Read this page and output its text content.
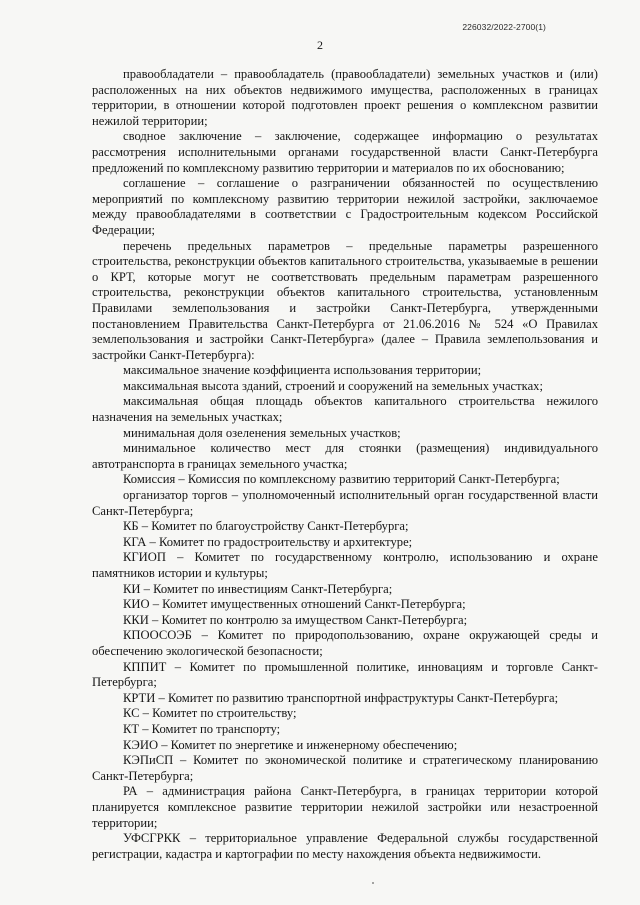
226032/2022-2700(1)
2

правообладатели – правообладатель (правообладатели) земельных участков и (или) расположенных на них объектов недвижимого имущества, расположенных в границах территории, в отношении которой подготовлен проект решения о комплексном развитии нежилой территории;

сводное заключение – заключение, содержащее информацию о результатах рассмотрения исполнительными органами государственной власти Санкт-Петербурга предложений по комплексному развитию территории и материалов по их обоснованию;

соглашение – соглашение о разграничении обязанностей по осуществлению мероприятий по комплексному развитию территории нежилой застройки, заключаемое между правообладателями в соответствии с Градостроительным кодексом Российской Федерации;

перечень предельных параметров – предельные параметры разрешенного строительства, реконструкции объектов капитального строительства, указываемые в решении о КРТ, которые могут не соответствовать предельным параметрам разрешенного строительства, реконструкции объектов капитального строительства, установленным Правилами землепользования и застройки Санкт-Петербурга, утвержденными постановлением Правительства Санкт-Петербурга от 21.06.2016 № 524 «О Правилах землепользования и застройки Санкт-Петербурга» (далее – Правила землепользования и застройки Санкт-Петербурга):

максимальное значение коэффициента использования территории;

максимальная высота зданий, строений и сооружений на земельных участках;

максимальная общая площадь объектов капитального строительства нежилого назначения на земельных участках;

минимальная доля озеленения земельных участков;

минимальное количество мест для стоянки (размещения) индивидуального автотранспорта в границах земельного участка;

Комиссия – Комиссия по комплексному развитию территорий Санкт-Петербурга;

организатор торгов – уполномоченный исполнительный орган государственной власти Санкт-Петербурга;

КБ – Комитет по благоустройству Санкт-Петербурга;

КГА – Комитет по градостроительству и архитектуре;

КГИОП – Комитет по государственному контролю, использованию и охране памятников истории и культуры;

КИ – Комитет по инвестициям Санкт-Петербурга;

КИО – Комитет имущественных отношений Санкт-Петербурга;

ККИ – Комитет по контролю за имуществом Санкт-Петербурга;

КПООСОЭБ – Комитет по природопользованию, охране окружающей среды и обеспечению экологической безопасности;

КППИТ – Комитет по промышленной политике, инновациям и торговле Санкт-Петербурга;

КРТИ – Комитет по развитию транспортной инфраструктуры Санкт-Петербурга;

КС – Комитет по строительству;

КТ – Комитет по транспорту;

КЭИО – Комитет по энергетике и инженерному обеспечению;

КЭПиСП – Комитет по экономической политике и стратегическому планированию Санкт-Петербурга;

РА – администрация района Санкт-Петербурга, в границах территории которой планируется комплексное развитие территории нежилой застройки или незастроенной территории;

УФСГРКК – территориальное управление Федеральной службы государственной регистрации, кадастра и картографии по месту нахождения объекта недвижимости.
